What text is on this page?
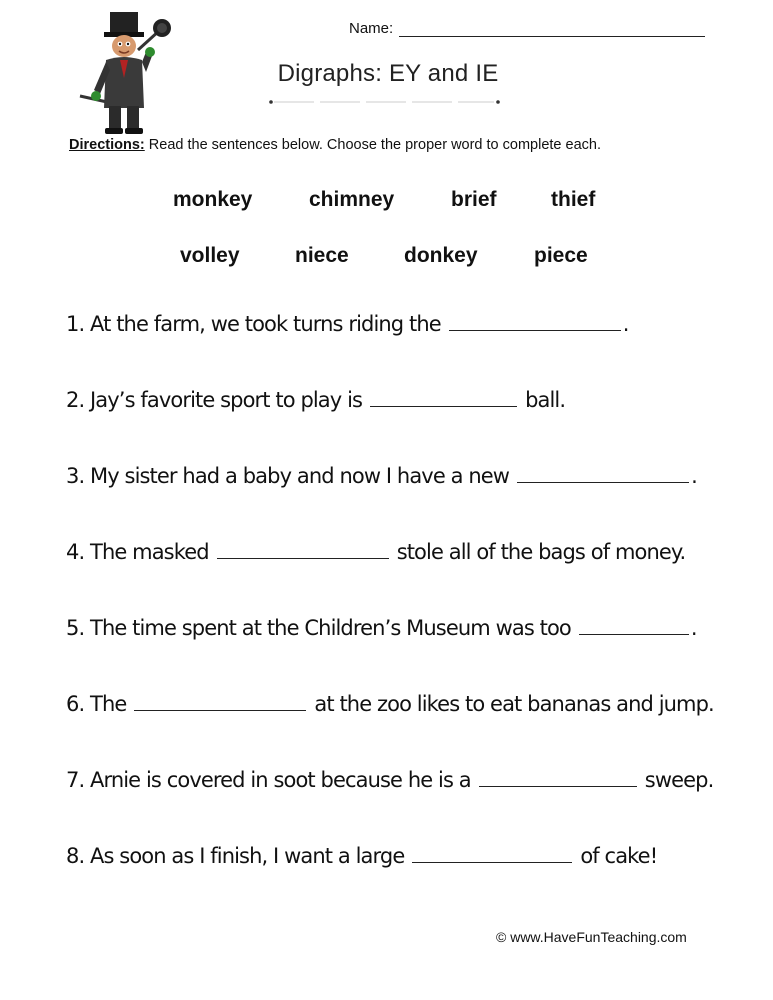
Name:
Digraphs: EY and IE
Directions: Read the sentences below. Choose the proper word to complete each.
monkey	chimney	brief	thief
volley	niece	donkey	piece
1. At the farm, we took turns riding the	.
2. Jay’s favorite sport to play is	ball.
3. My sister had a baby and now I have a new	.
4. The masked	stole all of the bags of money.
5. The time spent at the Children’s Museum was too	.
6. The	at the zoo likes to eat bananas and jump.
7. Arnie is covered in soot because he is a	sweep.
8. As soon as I finish, I want a large	of cake!
© www.HaveFunTeaching.com
